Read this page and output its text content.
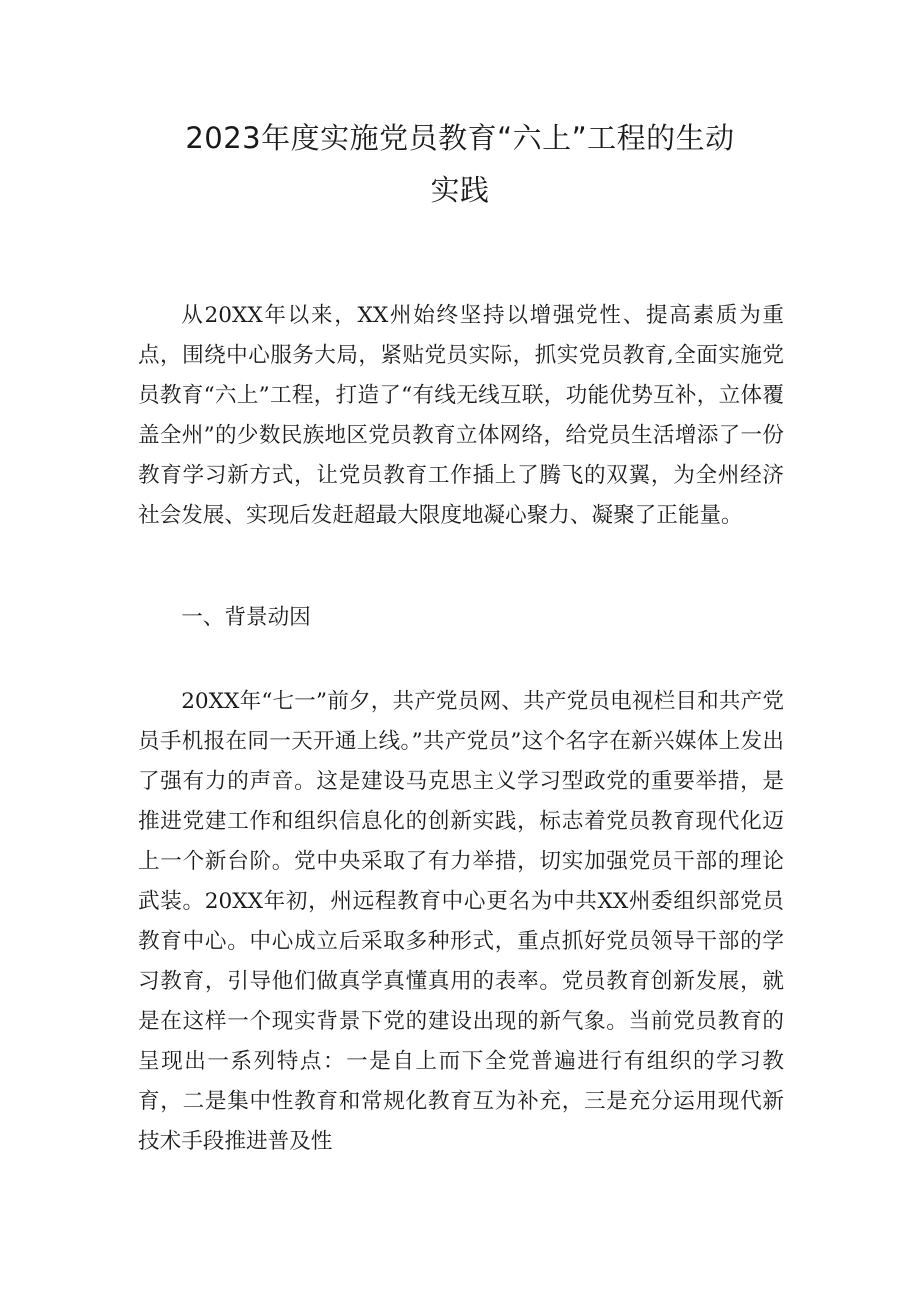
2023年度实施党员教育“六上”工程的生动
实践

从20XX年以来，XX州始终坚持以增强党性、提高素质为重点，围绕中心服务大局，紧贴党员实际，抓实党员教育,全面实施党员教育“六上”工程，打造了“有线无线互联，功能优势互补，立体覆盖全州”的少数民族地区党员教育立体网络，给党员生活增添了一份教育学习新方式，让党员教育工作插上了腾飞的双翼，为全州经济社会发展、实现后发赶超最大限度地凝心聚力、凝聚了正能量。

一、背景动因

20XX年“七一”前夕，共产党员网、共产党员电视栏目和共产党员手机报在同一天开通上线。”共产党员”这个名字在新兴媒体上发出了强有力的声音。这是建设马克思主义学习型政党的重要举措，是推进党建工作和组织信息化的创新实践，标志着党员教育现代化迈上一个新台阶。党中央采取了有力举措，切实加强党员干部的理论武装。20XX年初，州远程教育中心更名为中共XX州委组织部党员教育中心。中心成立后采取多种形式，重点抓好党员领导干部的学习教育，引导他们做真学真懂真用的表率。党员教育创新发展，就是在这样一个现实背景下党的建设出现的新气象。当前党员教育的呈现出一系列特点：一是自上而下全党普遍进行有组织的学习教育，二是集中性教育和常规化教育互为补充，三是充分运用现代新技术手段推进普及性
